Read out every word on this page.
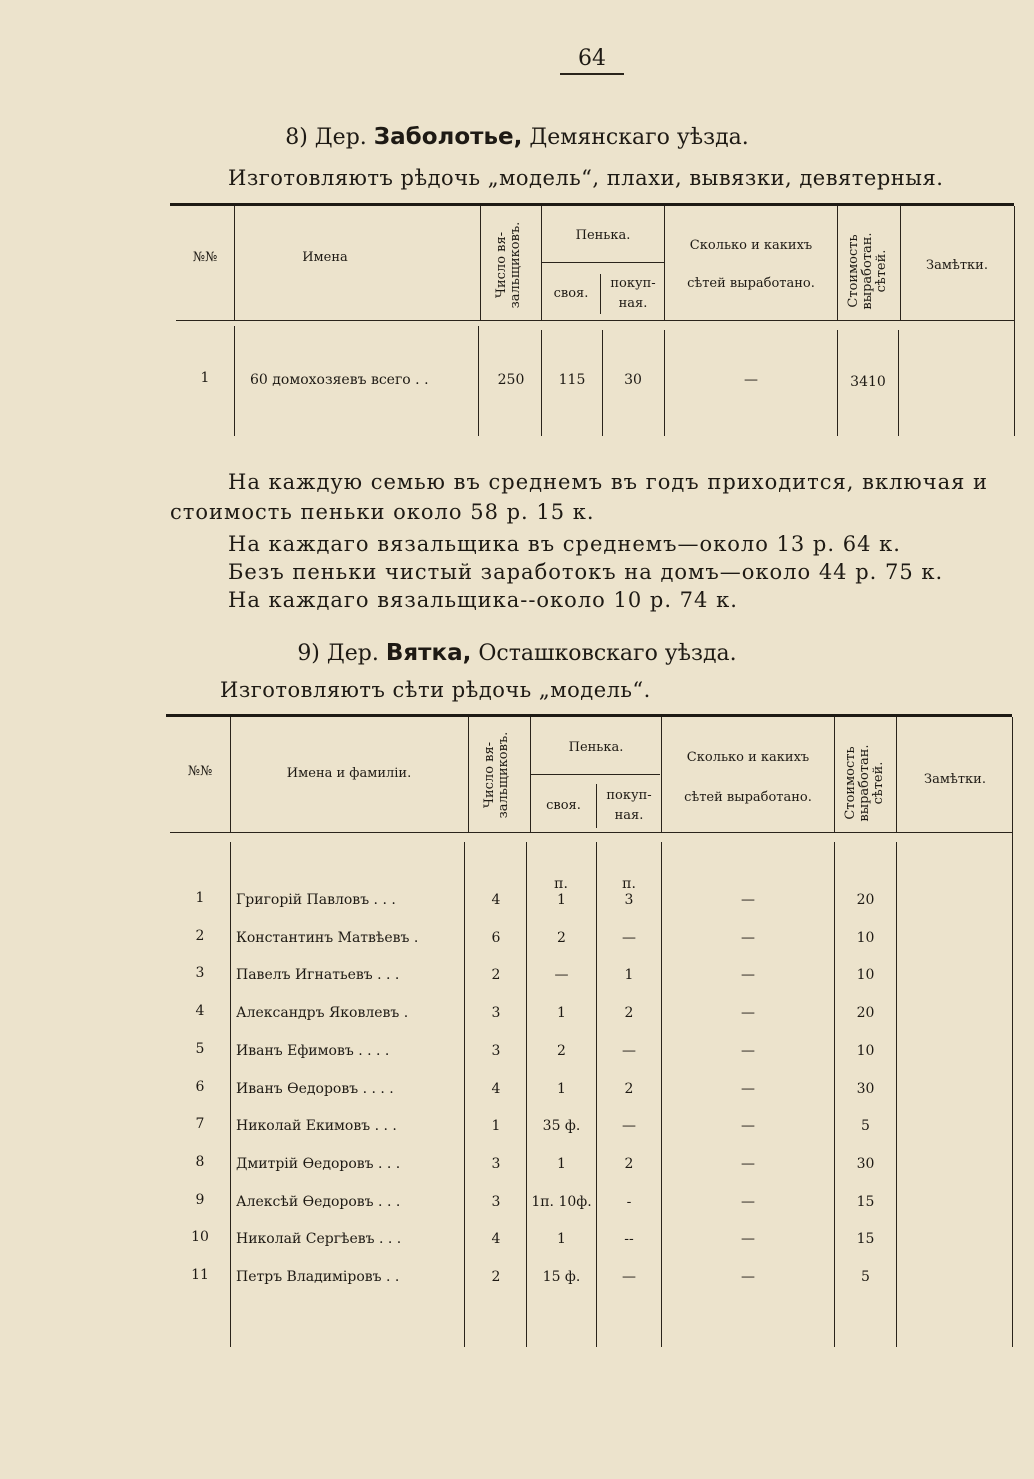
64
8) Дер. Заболотье, Демянскаго уѣзда.
Изготовляютъ рѣдочь „модель“, плахи, вывязки, девятерныя.
№№	Имена	Число вя-зальщиковъ.	Пенька.
своя.
покуп-
ная.
Сколько и какихъ
сѣтей выработано.	Стоимость выработан. сѣтей.	Замѣтки.
1	60 домохозяевъ всего . .	250	115	30	—	3410
На каждую семью въ среднемъ въ годъ приходится, включая и
стоимость пеньки около 58 р. 15 к.
На каждаго вязальщика въ среднемъ—около 13 р. 64 к.
Безъ пеньки чистый заработокъ на домъ—около 44 р. 75 к.
На каждаго вязальщика--около 10 р. 74 к.
9) Дер. Вятка, Осташковскаго уѣзда.
Изготовляютъ сѣти рѣдочь „модель“.
№№	Имена и фамиліи.	Число вя-зальщиковъ.	Пенька.
своя.
покуп-
ная.
Сколько и какихъ
сѣтей выработано.	Стоимость выработан. сѣтей.	Замѣтки.
п.	п.
1	Григорій Павловъ . . .	4	1	3	—	20
2	Константинъ Матвѣевъ .	6	2	—	—	10
3	Павелъ Игнатьевъ . . .	2	—	1	—	10
4	Александръ Яковлевъ .	3	1	2	—	20
5	Иванъ Ефимовъ . . . .	3	2	—	—	10
6	Иванъ Өедоровъ . . . .	4	1	2	—	30
7	Николай Екимовъ . . .	1	35 ф.	—	—	5
8	Дмитрій Өедоровъ . . .	3	1	2	—	30
9	Алексѣй Өедоровъ . . .	3	1п. 10ф.	-	—	15
10	Николай Сергѣевъ . . .	4	1	--	—	15
11	Петръ Владиміровъ . .	2	15 ф.	—	—	5
